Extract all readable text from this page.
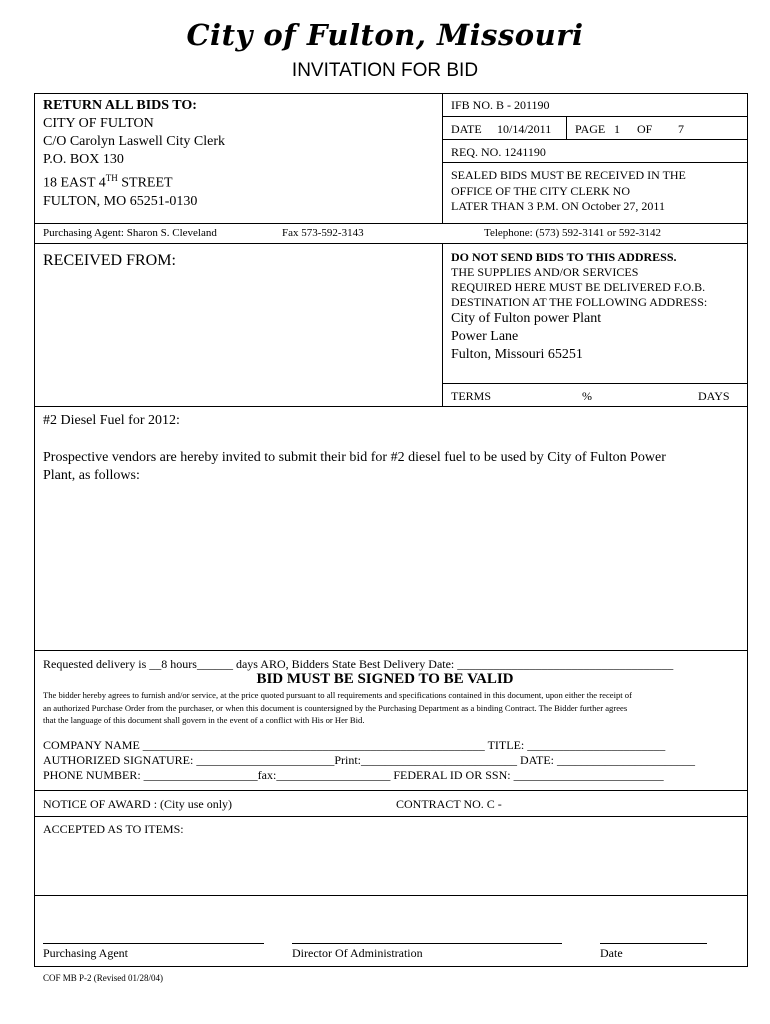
City of Fulton, Missouri
INVITATION FOR BID
RETURN ALL BIDS TO:
CITY OF FULTON
C/O Carolyn Laswell City Clerk
P.O. BOX 130
18 EAST 4TH STREET
FULTON, MO 65251-0130
IFB NO. B - 201190
DATE 10/14/2011 PAGE 1 OF 7
REQ. NO. 1241190
SEALED BIDS MUST BE RECEIVED IN THE
OFFICE OF THE CITY CLERK NO
LATER THAN 3 P.M. ON October 27, 2011
Purchasing Agent: Sharon S. Cleveland	Fax 573-592-3143	Telephone: (573) 592-3141 or 592-3142
RECEIVED FROM:	DO NOT SEND BIDS TO THIS ADDRESS.
THE SUPPLIES AND/OR SERVICES
REQUIRED HERE MUST BE DELIVERED F.O.B.
DESTINATION AT THE FOLLOWING ADDRESS:
City of Fulton power Plant
Power Lane
Fulton, Missouri 65251
TERMS	%	DAYS
#2 Diesel Fuel for 2012:
Prospective vendors are hereby invited to submit their bid for #2 diesel fuel to be used by City of Fulton Power
Plant, as follows:
Requested delivery is __8 hours______ days ARO, Bidders State Best Delivery Date: ____________________________________
BID MUST BE SIGNED TO BE VALID
The bidder hereby agrees to furnish and/or service, at the price quoted pursuant to all requirements and specifications contained in this document, upon either the receipt of
an authorized Purchase Order from the purchaser, or when this document is countersigned by the Purchasing Department as a binding Contract. The Bidder further agrees
that the language of this document shall govern in the event of a conflict with His or Her Bid.
COMPANY NAME _________________________________________________________ TITLE: _______________________
AUTHORIZED SIGNATURE: _______________________Print:__________________________ DATE: _______________________
PHONE NUMBER: ___________________fax:___________________ FEDERAL ID OR SSN: _________________________
NOTICE OF AWARD : (City use only)	CONTRACT NO. C -
ACCEPTED AS TO ITEMS:
Purchasing Agent	Director Of Administration	Date
COF MB P-2 (Revised 01/28/04)
